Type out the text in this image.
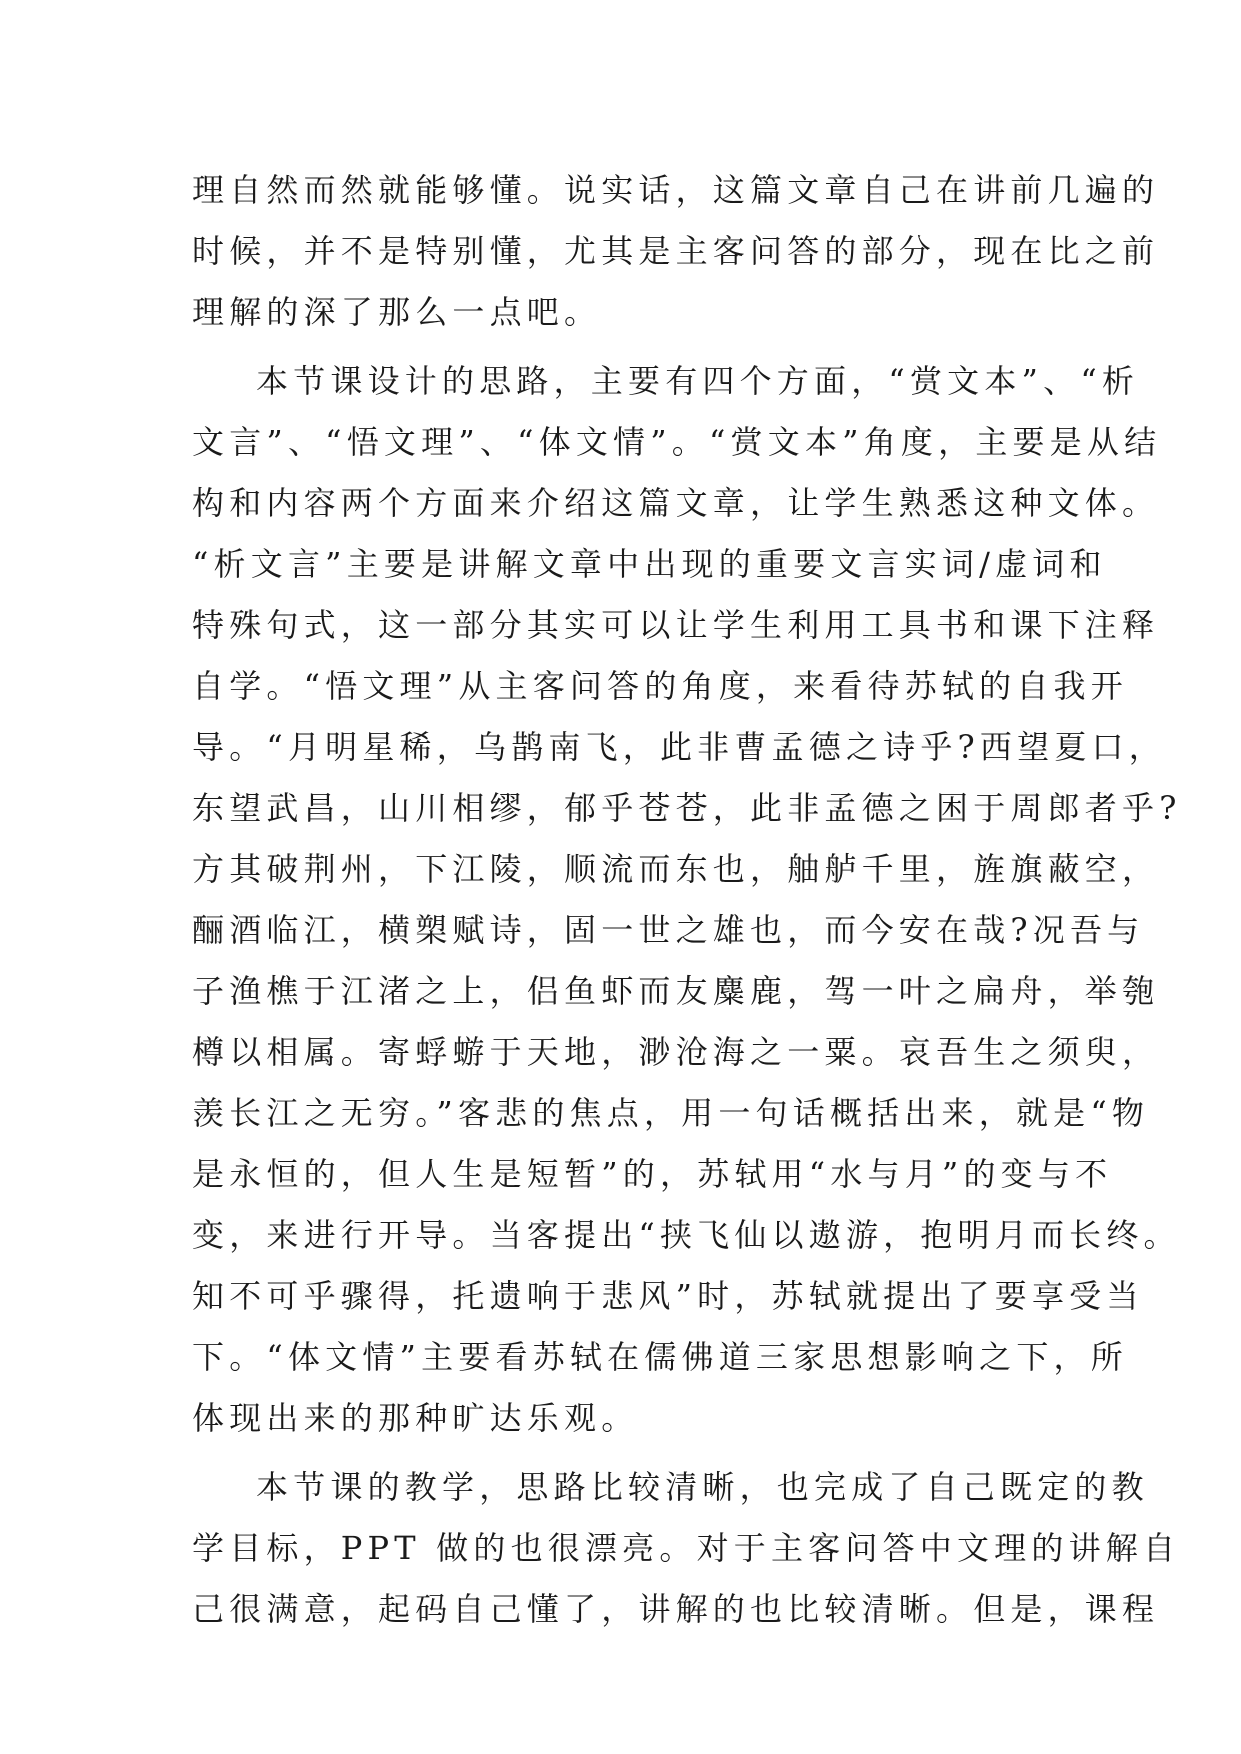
理自然而然就能够懂。说实话，这篇文章自己在讲前几遍的
时候，并不是特别懂，尤其是主客问答的部分，现在比之前
理解的深了那么一点吧。
本节课设计的思路，主要有四个方面，“赏文本”、“析
文言”、“悟文理”、“体文情”。“赏文本”角度，主要是从结
构和内容两个方面来介绍这篇文章，让学生熟悉这种文体。
“析文言”主要是讲解文章中出现的重要文言实词/虚词和
特殊句式，这一部分其实可以让学生利用工具书和课下注释
自学。“悟文理”从主客问答的角度，来看待苏轼的自我开
导。“月明星稀，乌鹊南飞，此非曹孟德之诗乎?西望夏口，
东望武昌，山川相缪，郁乎苍苍，此非孟德之困于周郎者乎?
方其破荆州，下江陵，顺流而东也，舳舻千里，旌旗蔽空，
酾酒临江，横槊赋诗，固一世之雄也，而今安在哉?况吾与
子渔樵于江渚之上，侣鱼虾而友麋鹿，驾一叶之扁舟，举匏
樽以相属。寄蜉蝣于天地，渺沧海之一粟。哀吾生之须臾，
羡长江之无穷。”客悲的焦点，用一句话概括出来，就是“物
是永恒的，但人生是短暂”的，苏轼用“水与月”的变与不
变，来进行开导。当客提出“挟飞仙以遨游，抱明月而长终。
知不可乎骤得，托遗响于悲风”时，苏轼就提出了要享受当
下。“体文情”主要看苏轼在儒佛道三家思想影响之下，所
体现出来的那种旷达乐观。
本节课的教学，思路比较清晰，也完成了自己既定的教
学目标，PPT 做的也很漂亮。对于主客问答中文理的讲解自
己很满意，起码自己懂了，讲解的也比较清晰。但是，课程
